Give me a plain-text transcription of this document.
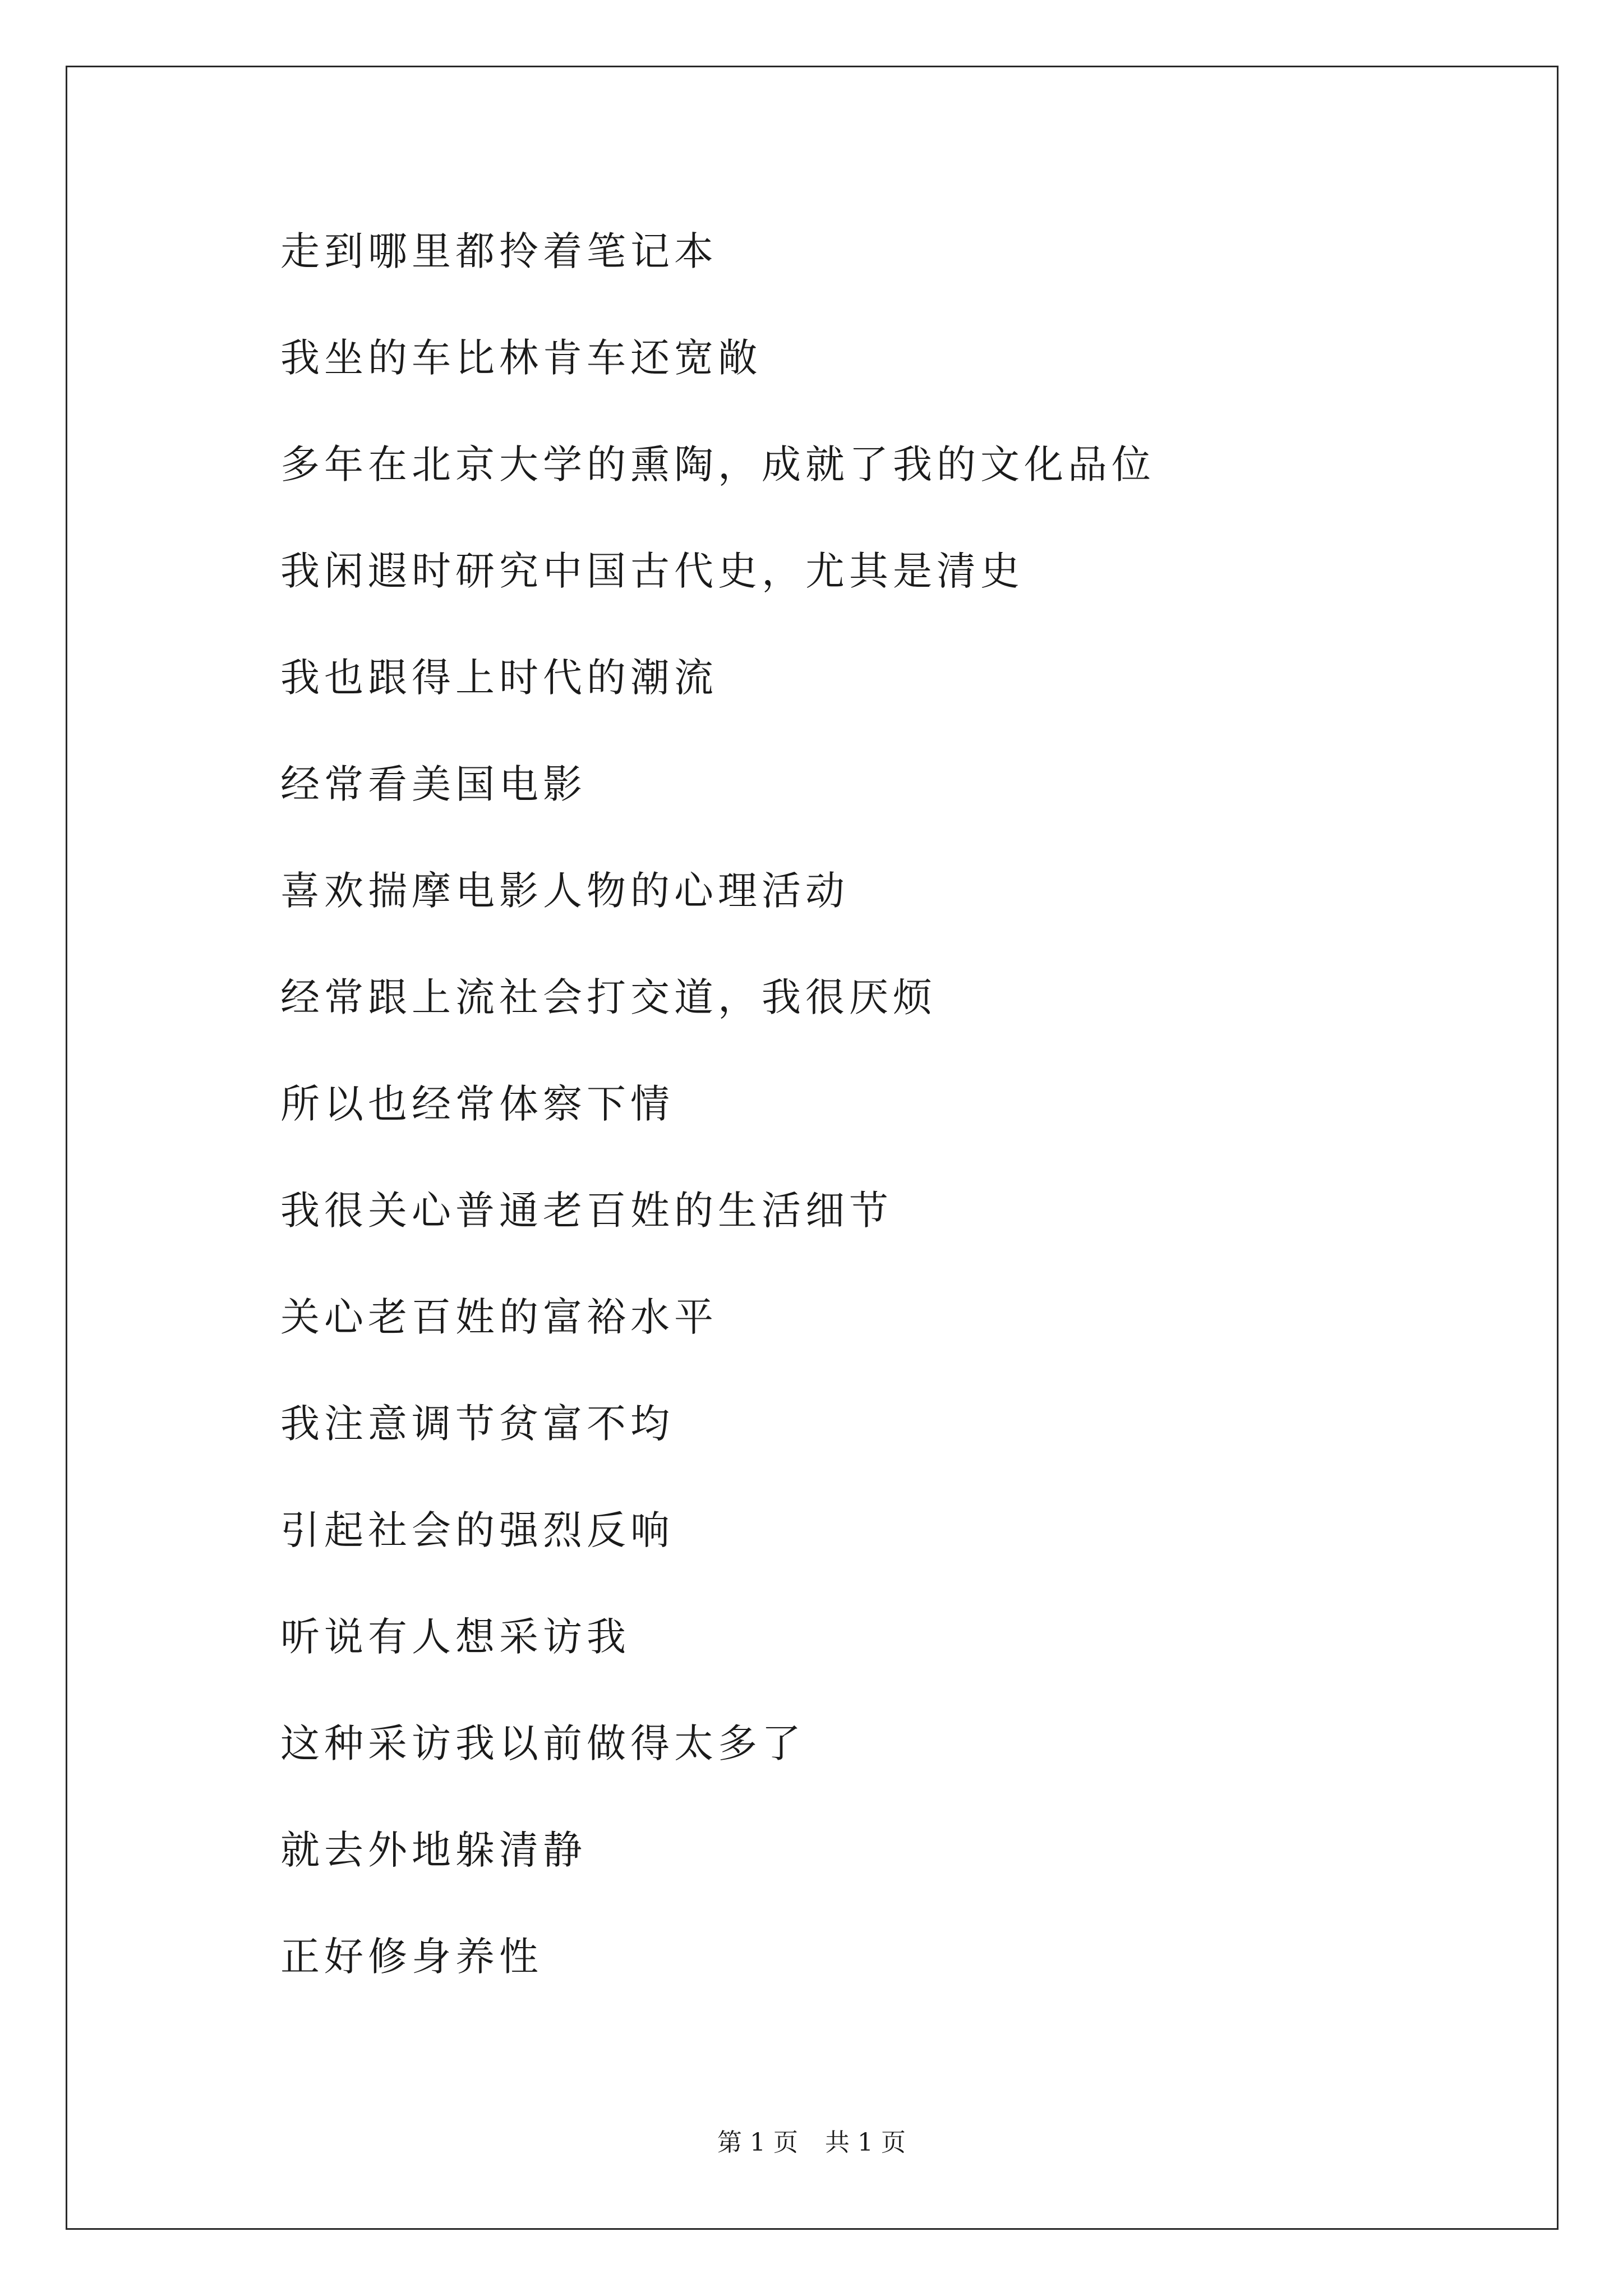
走到哪里都拎着笔记本
我坐的车比林肯车还宽敞
多年在北京大学的熏陶，成就了我的文化品位
我闲遐时研究中国古代史，尤其是清史
我也跟得上时代的潮流
经常看美国电影
喜欢揣摩电影人物的心理活动
经常跟上流社会打交道，我很厌烦
所以也经常体察下情
我很关心普通老百姓的生活细节
关心老百姓的富裕水平
我注意调节贫富不均
引起社会的强烈反响
听说有人想采访我
这种采访我以前做得太多了
就去外地躲清静
正好修身养性
第 1 页 共 1 页
